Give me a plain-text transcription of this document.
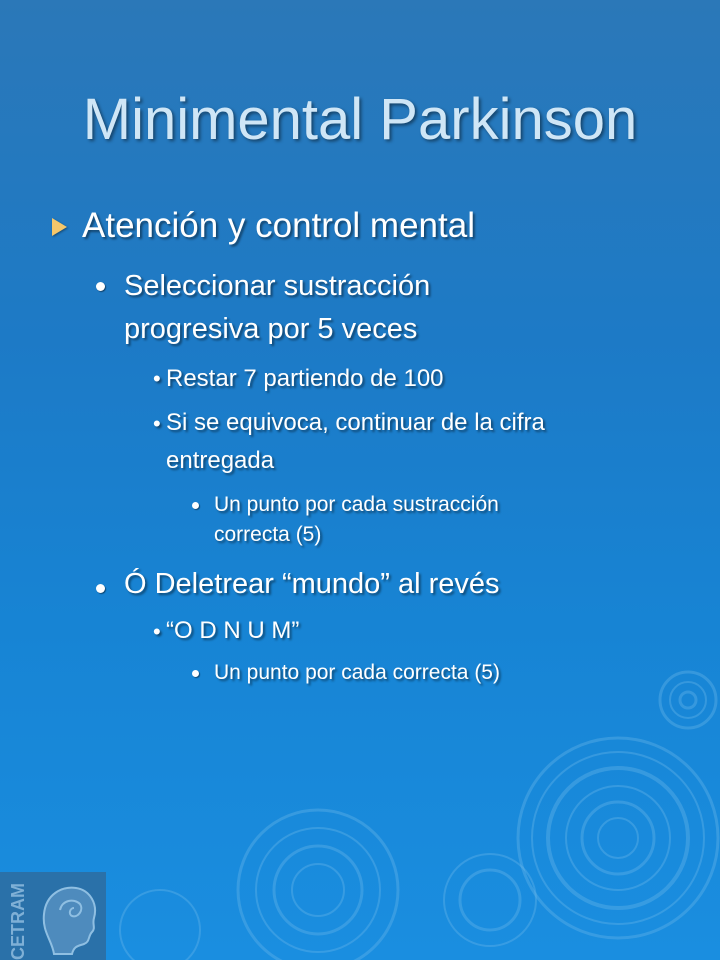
CETRAM
Minimental Parkinson
Atención y control mental
Seleccionar sustracción
progresiva por 5 veces
• Restar 7 partiendo de 100
• Si se equivoca, continuar de la cifra
entregada
Un punto por cada sustracción
correcta (5)
Ó Deletrear “mundo” al revés
• “O D N U M”
Un punto por cada correcta (5)
